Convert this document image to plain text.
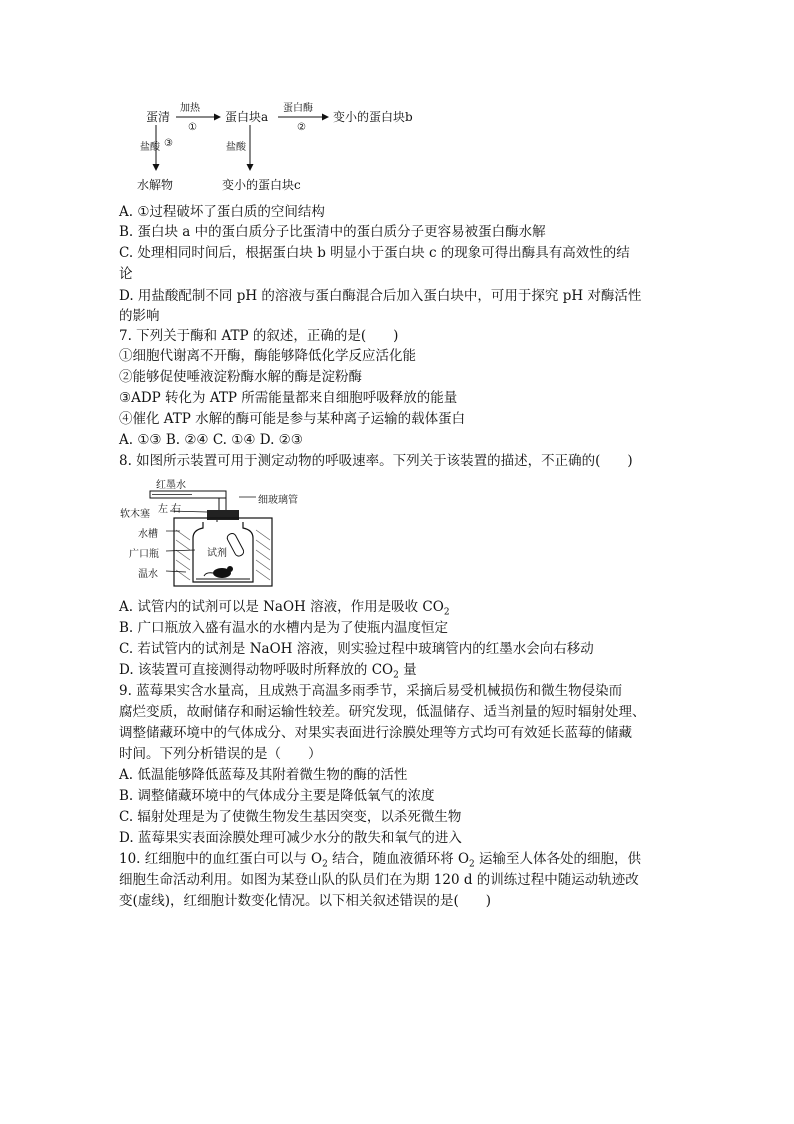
蛋清
加热
①
蛋白块a
蛋白酶
②
变小的蛋白块b
盐酸 ③	盐酸
水解物	变小的蛋白块c
A. ①过程破坏了蛋白质的空间结构
B. 蛋白块 a 中的蛋白质分子比蛋清中的蛋白质分子更容易被蛋白酶水解
C. 处理相同时间后，根据蛋白块 b 明显小于蛋白块 c 的现象可得出酶具有高效性的结
论
D. 用盐酸配制不同 pH 的溶液与蛋白酶混合后加入蛋白块中，可用于探究 pH 对酶活性
的影响
7. 下列关于酶和 ATP 的叙述，正确的是(　　)
①细胞代谢离不开酶，酶能够降低化学反应活化能
②能够促使唾液淀粉酶水解的酶是淀粉酶
③ADP 转化为 ATP 所需能量都来自细胞呼吸释放的能量
④催化 ATP 水解的酶可能是参与某种离子运输的载体蛋白
A. ①③ B. ②④ C. ①④ D. ②③
8. 如图所示装置可用于测定动物的呼吸速率。下列关于该装置的描述，不正确的(　　)
红墨水
左 右
细玻璃管
软木塞
水槽
广口瓶
温水
试剂
A. 试管内的试剂可以是 NaOH 溶液，作用是吸收 $CO_2$
B. 广口瓶放入盛有温水的水槽内是为了使瓶内温度恒定
C. 若试管内的试剂是 NaOH 溶液，则实验过程中玻璃管内的红墨水会向右移动
D. 该装置可直接测得动物呼吸时所释放的 $CO_2$ 量
9. 蓝莓果实含水量高，且成熟于高温多雨季节，采摘后易受机械损伤和微生物侵染而
腐烂变质，故耐储存和耐运输性较差。研究发现，低温储存、适当剂量的短时辐射处理、
调整储藏环境中的气体成分、对果实表面进行涂膜处理等方式均可有效延长蓝莓的储藏
时间。下列分析错误的是（　　）
A. 低温能够降低蓝莓及其附着微生物的酶的活性
B. 调整储藏环境中的气体成分主要是降低氧气的浓度
C. 辐射处理是为了使微生物发生基因突变，以杀死微生物
D. 蓝莓果实表面涂膜处理可减少水分的散失和氧气的进入
10. 红细胞中的血红蛋白可以与 $O_2$ 结合，随血液循环将 $O_2$ 运输至人体各处的细胞，供
细胞生命活动利用。如图为某登山队的队员们在为期 120 d 的训练过程中随运动轨迹改
变(虚线)，红细胞计数变化情况。以下相关叙述错误的是(　　)
